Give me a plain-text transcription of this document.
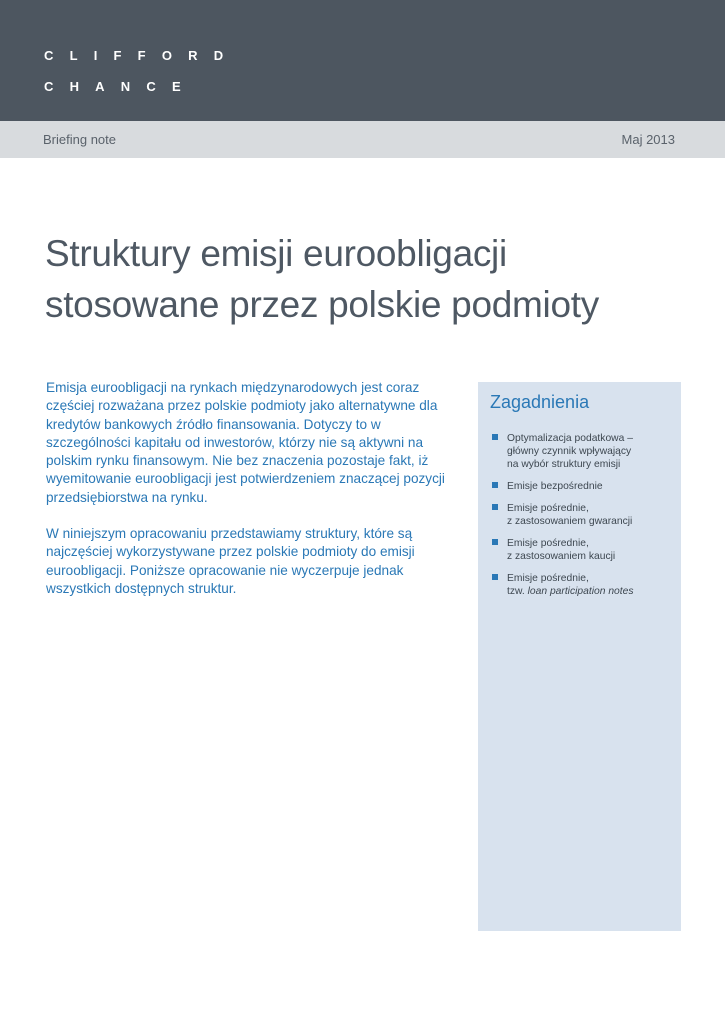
CLIFFORD
CHANCE
Briefing note	Maj 2013
Struktury emisji euroobligacji
stosowane przez polskie podmioty

Emisja euroobligacji na rynkach międzynarodowych jest coraz częściej rozważana przez polskie podmioty jako alternatywne dla kredytów bankowych źródło finansowania. Dotyczy to w szczególności kapitału od inwestorów, którzy nie są aktywni na polskim rynku finansowym. Nie bez znaczenia pozostaje fakt, iż wyemitowanie euroobligacji jest potwierdzeniem znaczącej pozycji przedsiębiorstwa na rynku.

W niniejszym opracowaniu przedstawiamy struktury, które są najczęściej wykorzystywane przez polskie podmioty do emisji euroobligacji. Poniższe opracowanie nie wyczerpuje jednak wszystkich dostępnych struktur.

Zagadnienia
Optymalizacja podatkowa –
główny czynnik wpływający
na wybór struktury emisji
Emisje bezpośrednie
Emisje pośrednie,
z zastosowaniem gwarancji
Emisje pośrednie,
z zastosowaniem kaucji
Emisje pośrednie,
tzw. loan participation notes
